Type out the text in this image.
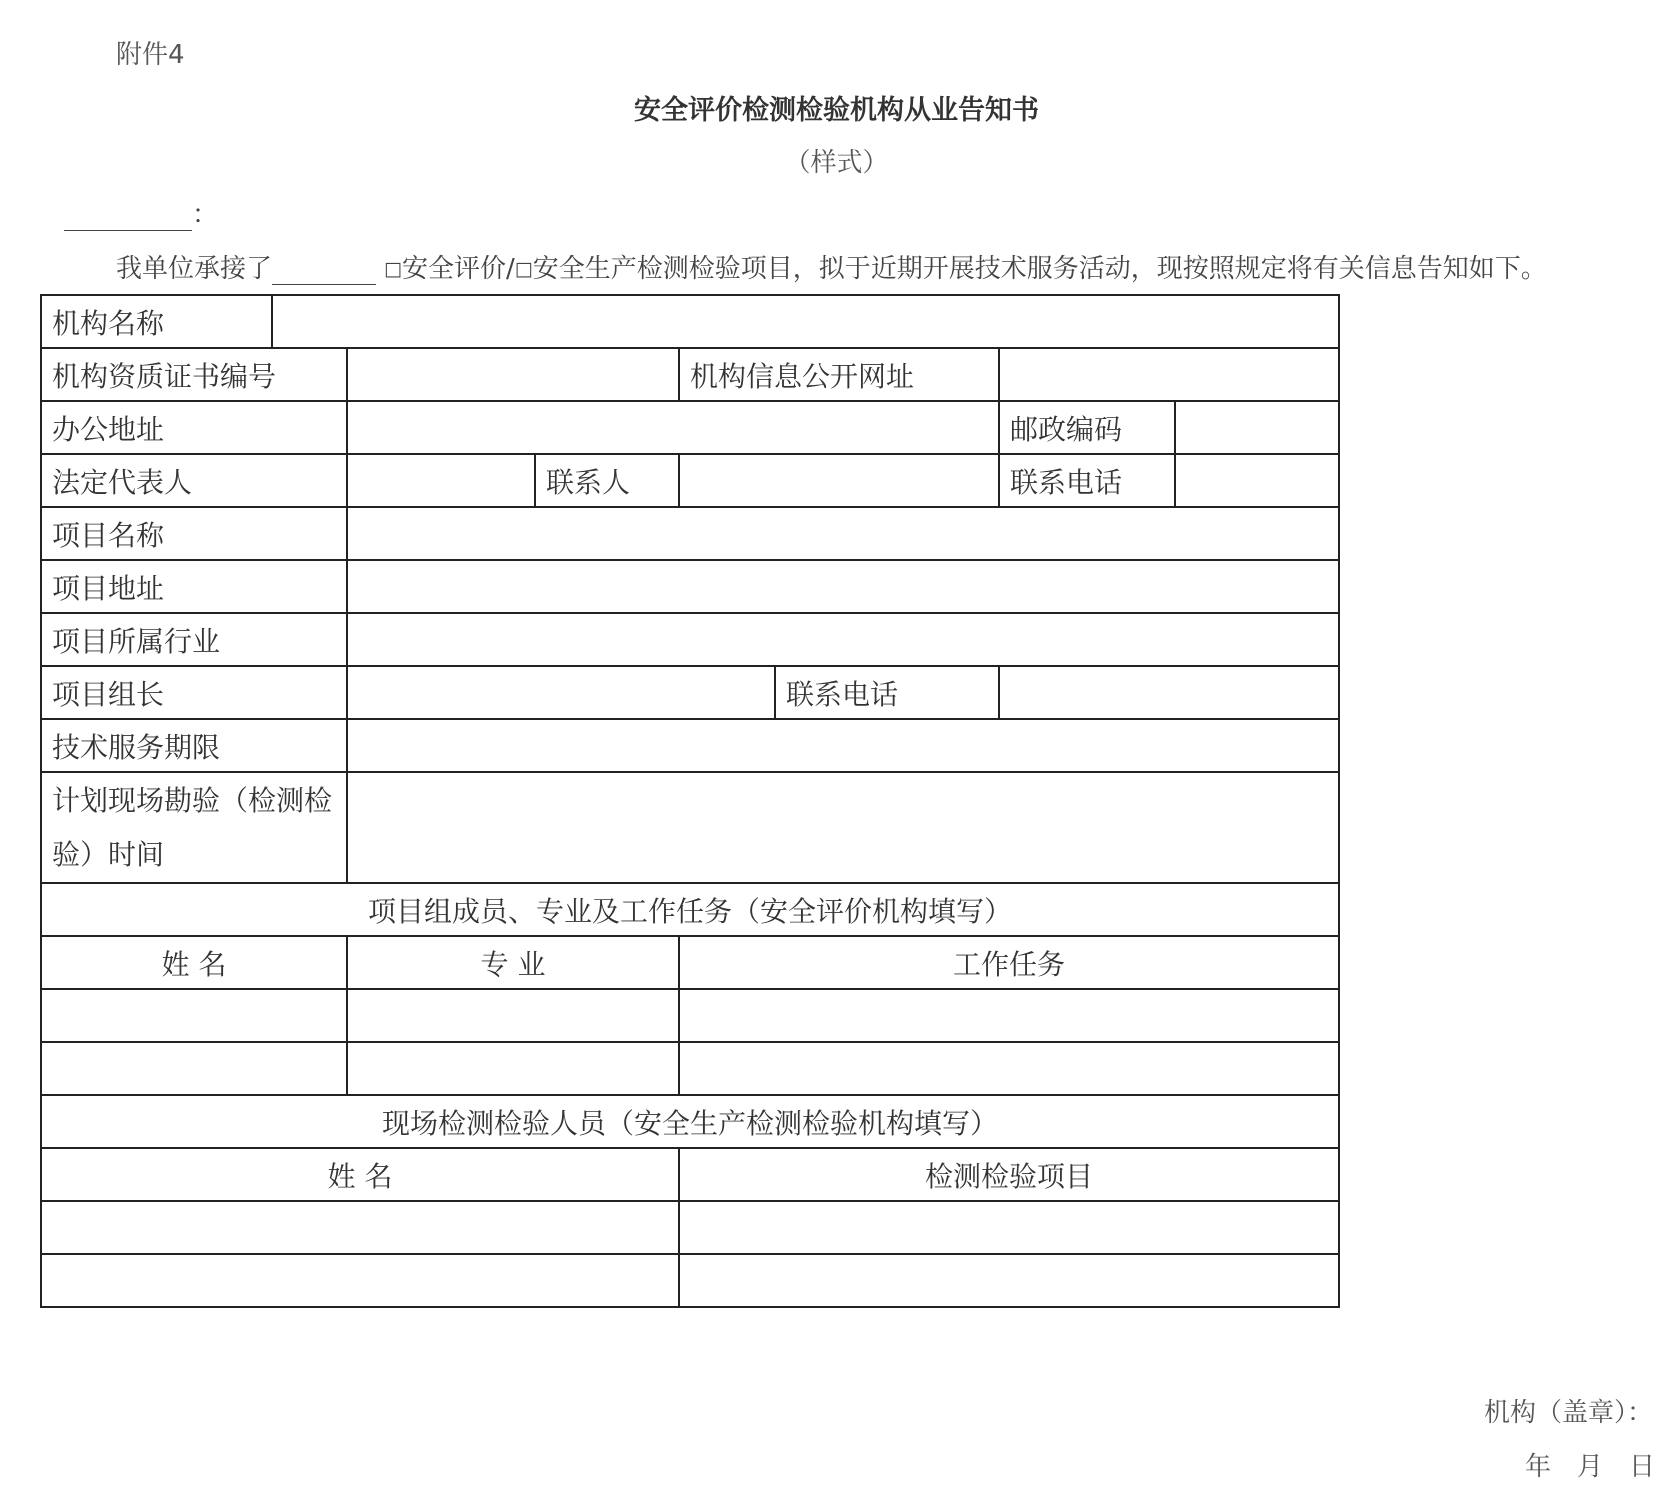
附件4
安全评价检测检验机构从业告知书
（样式）
：
我单位承接了	□安全评价/□安全生产检测检验项目，拟于近期开展技术服务活动，现按照规定将有关信息告知如下。
机构名称							
机构资质证书编号				机构信息公开网址			
办公地址						邮政编码	
法定代表人			联系人			联系电话	
项目名称							
项目地址							
项目所属行业							
项目组长					联系电话		
技术服务期限							
计划现场勘验（检测检验）时间							
项目组成员、专业及工作任务（安全评价机构填写）							
姓 名		专 业		工作任务			

现场检测检验人员（安全生产检测检验机构填写）							
姓 名				检测检验项目			

机构（盖章）：
年　月　日
